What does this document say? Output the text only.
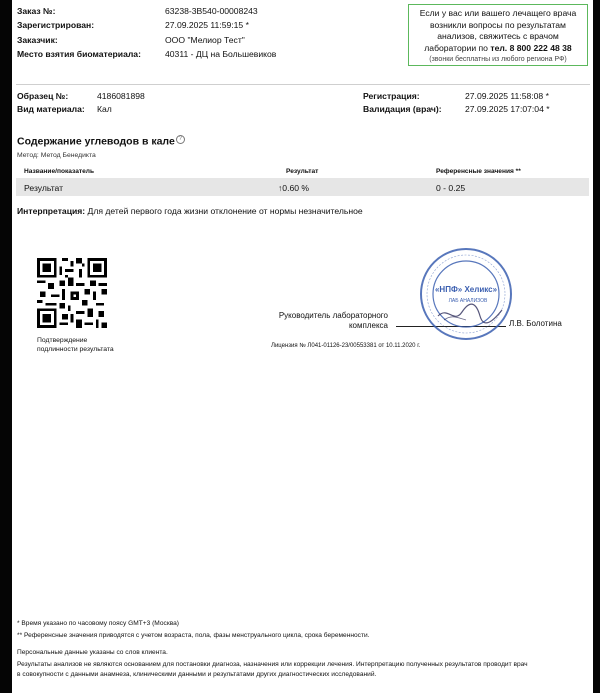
Заказ №:	63238-3B540-00008243
Зарегистрирован:	27.09.2025 11:59:15 *
Заказчик:	ООО "Мелиор Тест"
Место взятия биоматериала:	40311 - ДЦ на Большевиков
Если у вас или вашего лечащего врача
возникли вопросы по результатам
анализов, свяжитесь с врачом
лаборатории по тел. 8 800 222 48 38
(звонки бесплатны из любого региона РФ)
Образец №:	4186081898
Вид материала: Кал
Регистрация:	27.09.2025 11:58:08 *
Валидация (врач):	27.09.2025 17:07:04 *
Содержание углеводов в кале ?
Метод: Метод Бенедикта
Название/показатель	Результат	Референсные значения **
Результат	↑0.60 %	0 - 0.25
Интерпретация: Для детей первого года жизни отклонение от нормы незначительное
Подтверждение
подлинности результата
Руководитель лабораторного
комплекса	Л.В. Болотина
Лицензия № Л041-01126-23/00553381 от 10.11.2020 г.
«НПФ» Хеликс»
ЛАБ АНАЛИЗОВ
* Время указано по часовому поясу GMT+3 (Москва)
** Референсные значения приводятся с учетом возраста, пола, фазы менструального цикла, срока беременности.
Персональные данные указаны со слов клиента.
Результаты анализов не являются основанием для постановки диагноза, назначения или коррекции лечения. Интерпретацию полученных результатов проводит врач
в совокупности с данными анамнеза, клиническими данными и результатами других диагностических исследований.
